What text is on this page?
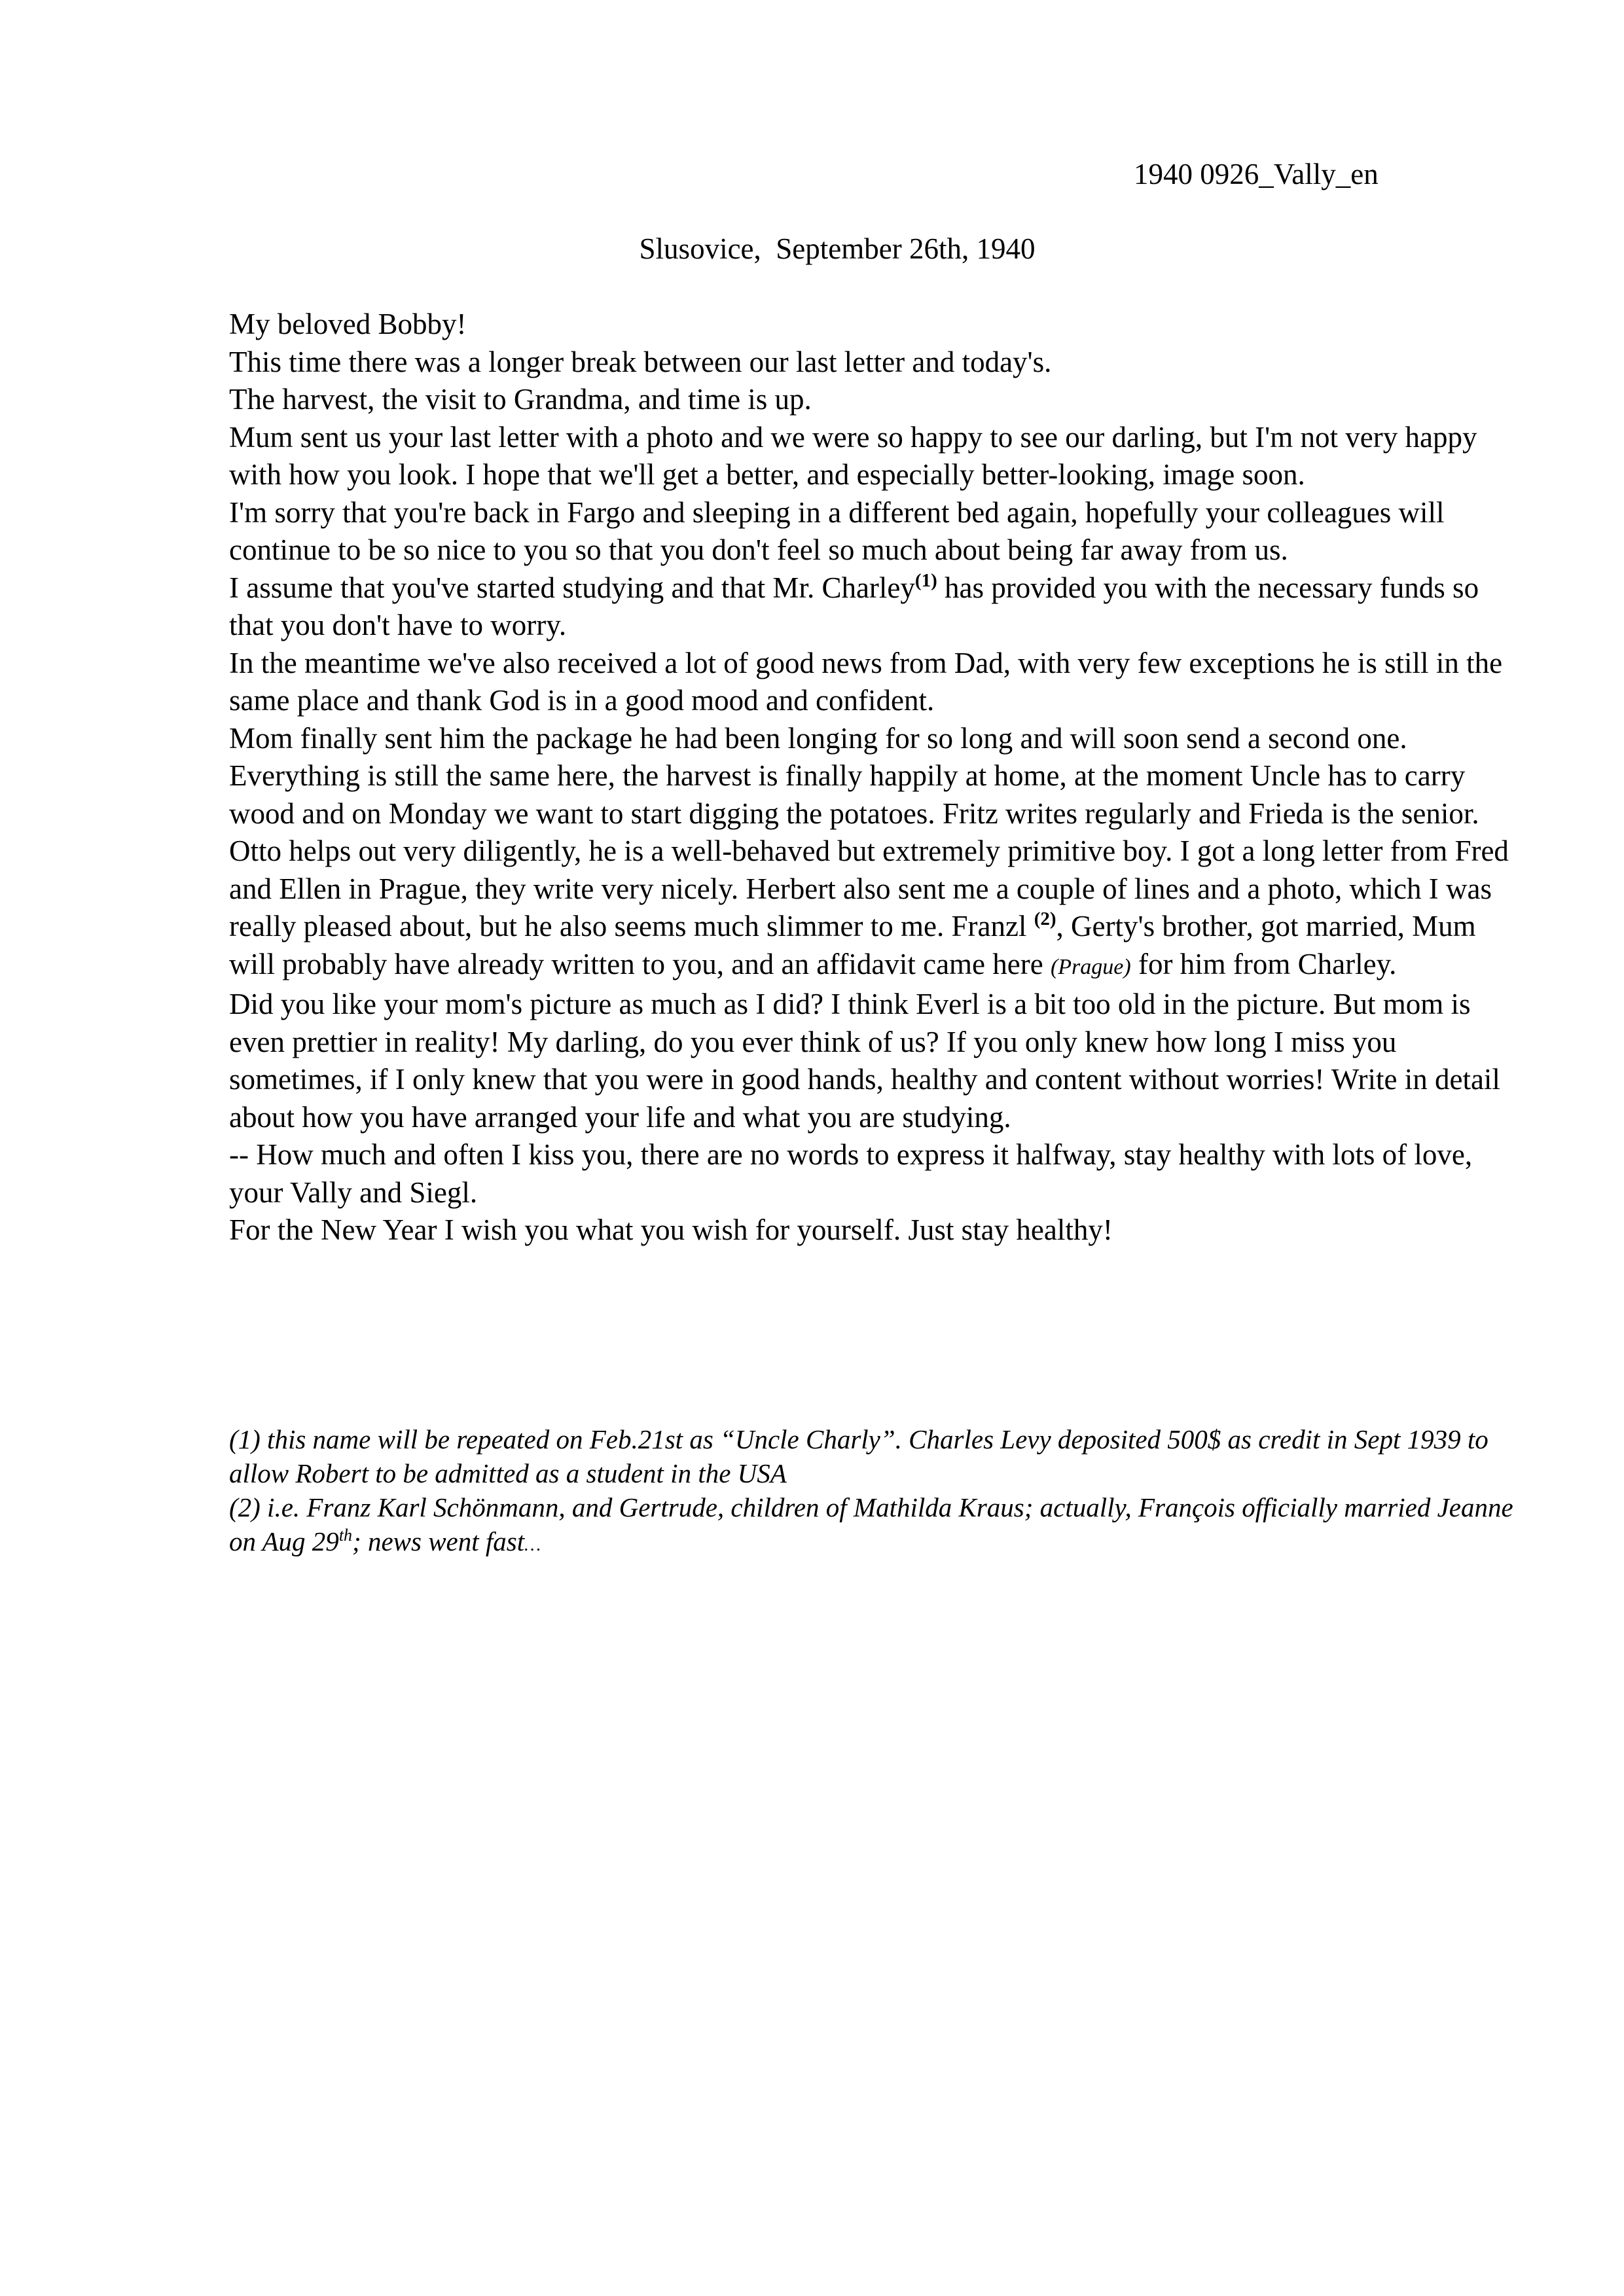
1940 0926_Vally_en
Slusovice,  September 26th, 1940

My beloved Bobby!

This time there was a longer break between our last letter and today's.

The harvest, the visit to Grandma, and time is up.

Mum sent us your last letter with a photo and we were so happy to see our darling, but I'm not very happy with how you look. I hope that we'll get a better, and especially better-looking, image soon.

I'm sorry that you're back in Fargo and sleeping in a different bed again, hopefully your colleagues will continue to be so nice to you so that you don't feel so much about being far away from us.

I assume that you've started studying and that Mr. Charley$^{(1)}$ has provided you with the necessary funds so that you don't have to worry.

In the meantime we've also received a lot of good news from Dad, with very few exceptions he is still in the same place and thank God is in a good mood and confident.

Mom finally sent him the package he had been longing for so long and will soon send a second one.

Everything is still the same here, the harvest is finally happily at home, at the moment Uncle has to carry wood and on Monday we want to start digging the potatoes. Fritz writes regularly and Frieda is the senior. Otto helps out very diligently, he is a well-behaved but extremely primitive boy. I got a long letter from Fred and Ellen in Prague, they write very nicely. Herbert also sent me a couple of lines and a photo, which I was really pleased about, but he also seems much slimmer to me. Franzl $^{(2)}$, Gerty's brother, got married, Mum will probably have already written to you, and an affidavit came here (Prague) for him from Charley.

Did you like your mom's picture as much as I did? I think Everl is a bit too old in the picture. But mom is even prettier in reality! My darling, do you ever think of us? If you only knew how long I miss you sometimes, if I only knew that you were in good hands, healthy and content without worries! Write in detail about how you have arranged your life and what you are studying.

-- How much and often I kiss you, there are no words to express it halfway, stay healthy with lots of love, your Vally and Siegl.

For the New Year I wish you what you wish for yourself. Just stay healthy!

(1) this name will be repeated on Feb.21st as “Uncle Charly”. Charles Levy deposited 500$ as credit in Sept 1939 to allow Robert to be admitted as a student in the USA

(2) i.e. Franz Karl Schönmann, and Gertrude, children of Mathilda Kraus; actually, François officially married Jeanne on Aug 29th; news went fast…
